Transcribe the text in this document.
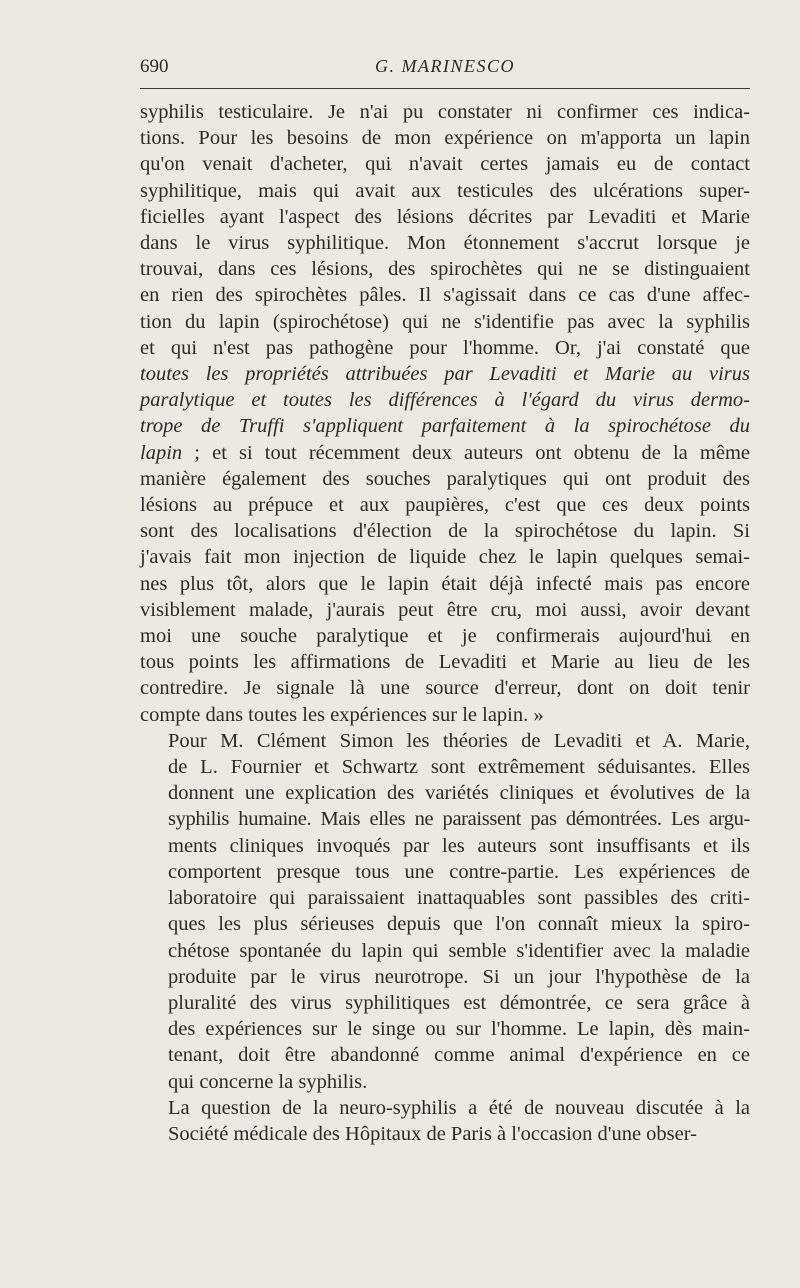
690	G. MARINESCO

syphilis testiculaire. Je n'ai pu constater ni confirmer ces indica-
tions. Pour les besoins de mon expérience on m'apporta un lapin
qu'on venait d'acheter, qui n'avait certes jamais eu de contact
syphilitique, mais qui avait aux testicules des ulcérations super-
ficielles ayant l'aspect des lésions décrites par Levaditi et Marie
dans le virus syphilitique. Mon étonnement s'accrut lorsque je
trouvai, dans ces lésions, des spirochètes qui ne se distinguaient
en rien des spirochètes pâles. Il s'agissait dans ce cas d'une affec-
tion du lapin (spirochétose) qui ne s'identifie pas avec la syphilis
et qui n'est pas pathogène pour l'homme. Or, j'ai constaté que
toutes les propriétés attribuées par Levaditi et Marie au virus
paralytique et toutes les différences à l'égard du virus dermo-
trope de Truffi s'appliquent parfaitement à la spirochétose du
lapin ; et si tout récemment deux auteurs ont obtenu de la même
manière également des souches paralytiques qui ont produit des
lésions au prépuce et aux paupières, c'est que ces deux points
sont des localisations d'élection de la spirochétose du lapin. Si
j'avais fait mon injection de liquide chez le lapin quelques semai-
nes plus tôt, alors que le lapin était déjà infecté mais pas encore
visiblement malade, j'aurais peut être cru, moi aussi, avoir devant
moi une souche paralytique et je confirmerais aujourd'hui en
tous points les affirmations de Levaditi et Marie au lieu de les
contredire. Je signale là une source d'erreur, dont on doit tenir
compte dans toutes les expériences sur le lapin. »

Pour M. Clément Simon les théories de Levaditi et A. Marie,
de L. Fournier et Schwartz sont extrêmement séduisantes. Elles
donnent une explication des variétés cliniques et évolutives de la
syphilis humaine. Mais elles ne paraissent pas démontrées. Les argu-
ments cliniques invoqués par les auteurs sont insuffisants et ils
comportent presque tous une contre-partie. Les expériences de
laboratoire qui paraissaient inattaquables sont passibles des criti-
ques les plus sérieuses depuis que l'on connaît mieux la spiro-
chétose spontanée du lapin qui semble s'identifier avec la maladie
produite par le virus neurotrope. Si un jour l'hypothèse de la
pluralité des virus syphilitiques est démontrée, ce sera grâce à
des expériences sur le singe ou sur l'homme. Le lapin, dès main-
tenant, doit être abandonné comme animal d'expérience en ce
qui concerne la syphilis.

La question de la neuro-syphilis a été de nouveau discutée à la
Société médicale des Hôpitaux de Paris à l'occasion d'une obser-
